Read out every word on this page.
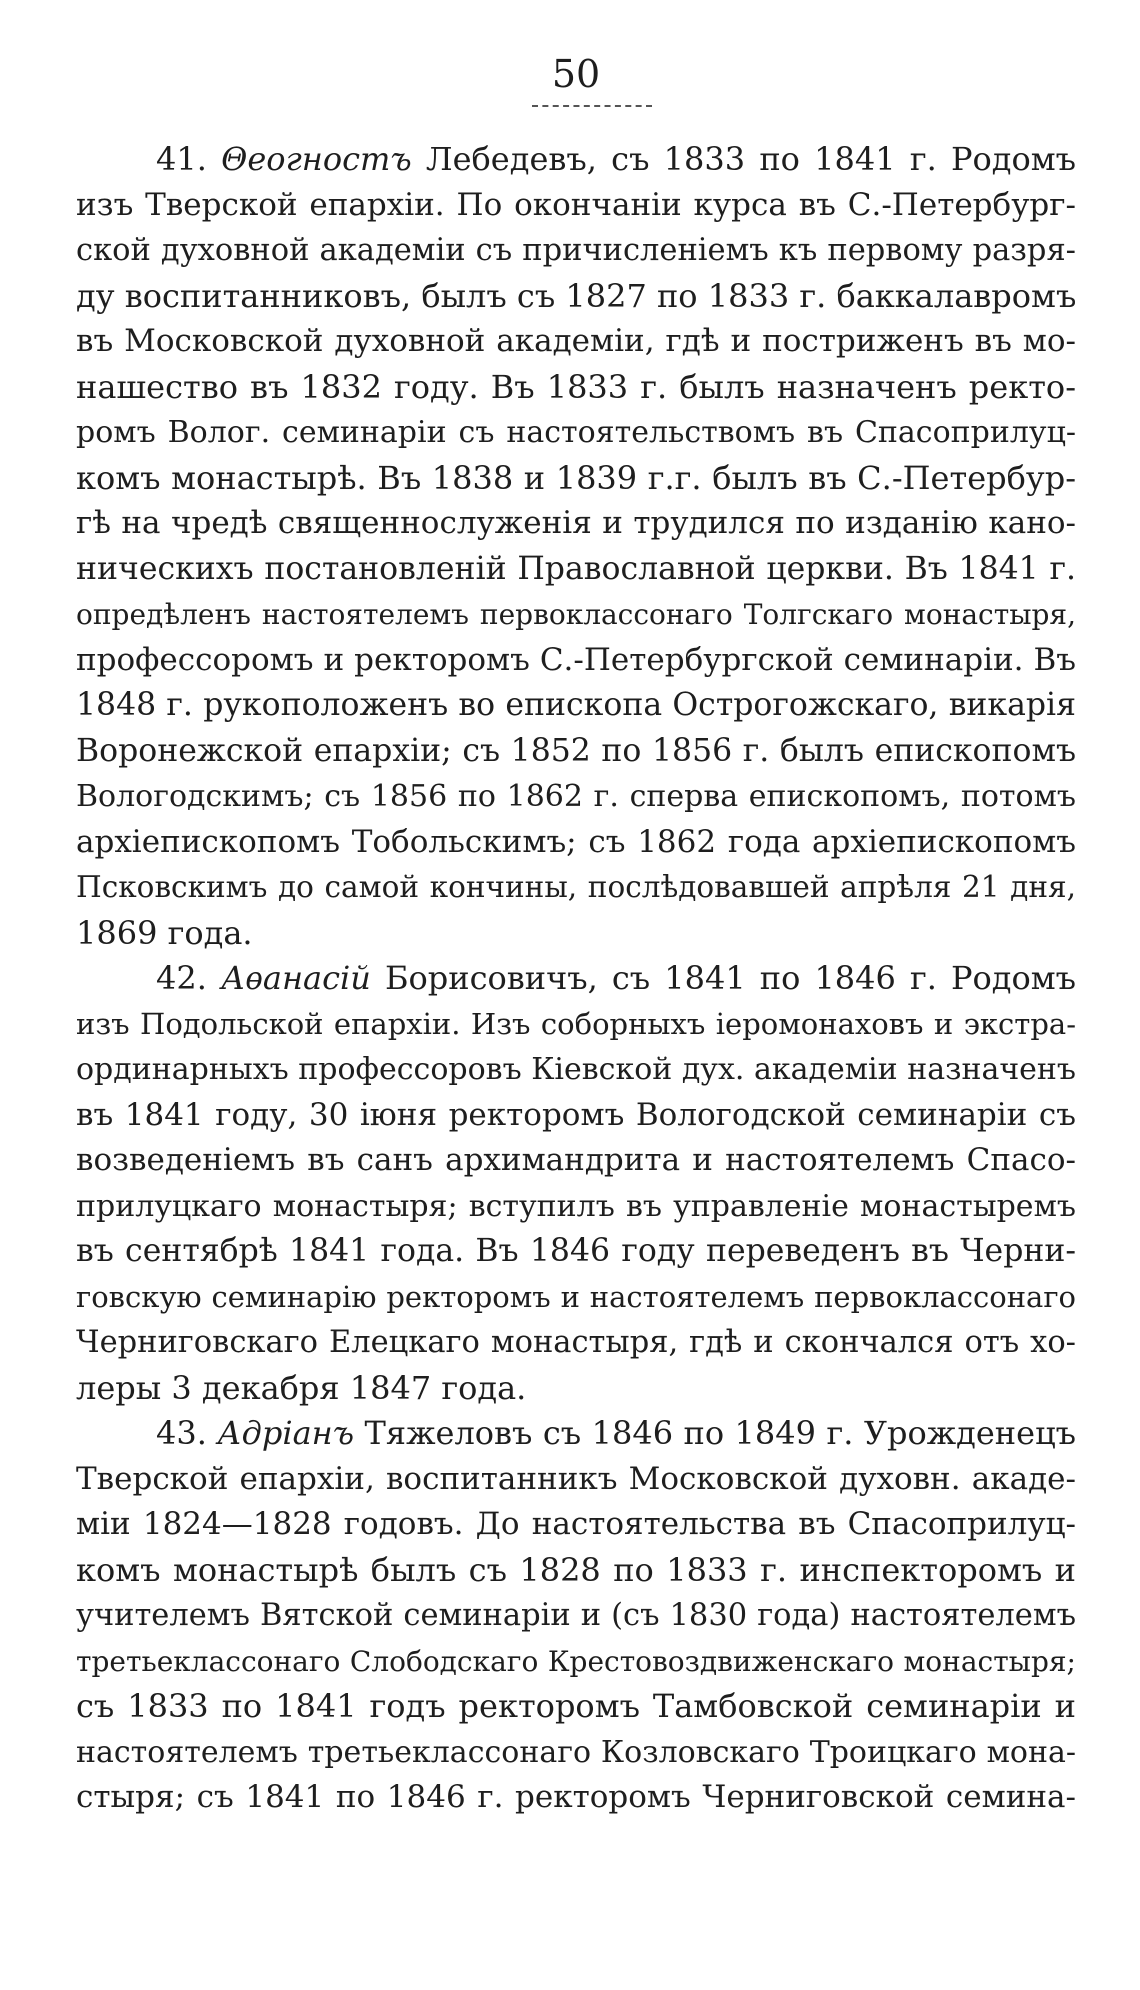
50
41. Θеогностъ Лебедевъ, съ 1833 по 1841 г. Родомъ
изъ Тверской епархіи. По окончаніи курса въ С.-Петербург-
ской духовной академіи съ причисленіемъ къ первому разря-
ду воспитанниковъ, былъ съ 1827 по 1833 г. баккалавромъ
въ Московской духовной академіи, гдѣ и постриженъ въ мо-
нашество въ 1832 году. Въ 1833 г. былъ назначенъ ректо-
ромъ Волог. семинаріи съ настоятельствомъ въ Спасоприлуц-
комъ монастырѣ. Въ 1838 и 1839 г.г. былъ въ С.-Петербур-
гѣ на чредѣ священнослуженія и трудился по изданію кано-
ническихъ постановленій Православной церкви. Въ 1841 г.
опредѣленъ настоятелемъ первоклассонаго Толгскаго монастыря,
профессоромъ и ректоромъ С.-Петербургской семинаріи. Въ
1848 г. рукоположенъ во епископа Острогожскаго, викарія
Воронежской епархіи; съ 1852 по 1856 г. былъ епископомъ
Вологодскимъ; съ 1856 по 1862 г. сперва епископомъ, потомъ
архіепископомъ Тобольскимъ; съ 1862 года архіепископомъ
Псковскимъ до самой кончины, послѣдовавшей апрѣля 21 дня,
1869 года.
42. Аѳанасій Борисовичъ, съ 1841 по 1846 г. Родомъ
изъ Подольской епархіи. Изъ соборныхъ іеромонаховъ и экстра-
ординарныхъ профессоровъ Кіевской дух. академіи назначенъ
въ 1841 году, 30 іюня ректоромъ Вологодской семинаріи съ
возведеніемъ въ санъ архимандрита и настоятелемъ Спасо-
прилуцкаго монастыря; вступилъ въ управленіе монастыремъ
въ сентябрѣ 1841 года. Въ 1846 году переведенъ въ Черни-
говскую семинарію ректоромъ и настоятелемъ первоклассонаго
Черниговскаго Елецкаго монастыря, гдѣ и скончался отъ хо-
леры 3 декабря 1847 года.
43. Адріанъ Тяжеловъ съ 1846 по 1849 г. Урожденецъ
Тверской епархіи, воспитанникъ Московской духовн. акаде-
міи 1824—1828 годовъ. До настоятельства въ Спасоприлуц-
комъ монастырѣ былъ съ 1828 по 1833 г. инспекторомъ и
учителемъ Вятской семинаріи и (съ 1830 года) настоятелемъ
третьеклассонаго Слободскаго Крестовоздвиженскаго монастыря;
съ 1833 по 1841 годъ ректоромъ Тамбовской семинаріи и
настоятелемъ третьеклассонаго Козловскаго Троицкаго мона-
стыря; съ 1841 по 1846 г. ректоромъ Черниговской семина-
